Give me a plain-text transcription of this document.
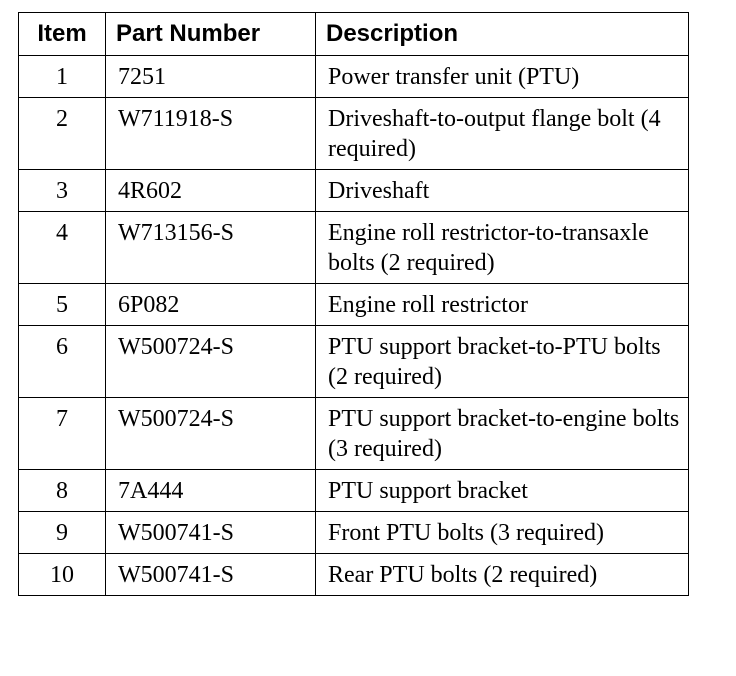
Item	Part Number	Description
1	7251	Power transfer unit (PTU)
2	W711918-S	Driveshaft-to-output flange bolt (4 required)
3	4R602	Driveshaft
4	W713156-S	Engine roll restrictor-to-transaxle bolts (2 required)
5	6P082	Engine roll restrictor
6	W500724-S	PTU support bracket-to-PTU bolts (2 required)
7	W500724-S	PTU support bracket-to-engine bolts (3 required)
8	7A444	PTU support bracket
9	W500741-S	Front PTU bolts (3 required)
10	W500741-S	Rear PTU bolts (2 required)
